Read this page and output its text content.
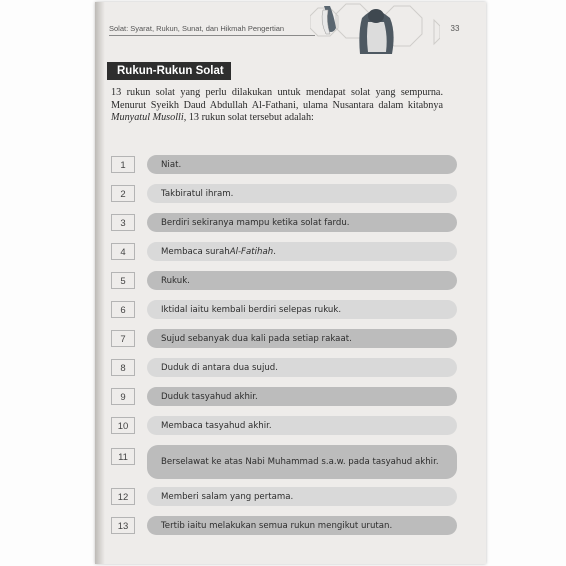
Solat: Syarat, Rukun, Sunat, dan Hikmah Pengertian	33
Rukun-Rukun Solat
13 rukun solat yang perlu dilakukan untuk mendapat solat yang sempurna. Menurut Syeikh Daud Abdullah Al-Fathani, ulama Nusantara dalam kitabnya Munyatul Musolli, 13 rukun solat tersebut adalah:
1	Niat.
2	Takbiratul ihram.
3	Berdiri sekiranya mampu ketika solat fardu.
4	Membaca surah Al-Fatihah .
5	Rukuk.
6	Iktidal iaitu kembali berdiri selepas rukuk.
7	Sujud sebanyak dua kali pada setiap rakaat.
8	Duduk di antara dua sujud.
9	Duduk tasyahud akhir.
10	Membaca tasyahud akhir.
11	Berselawat ke atas Nabi Muhammad s.a.w. pada tasyahud akhir.
12	Memberi salam yang pertama.
13	Tertib iaitu melakukan semua rukun mengikut urutan.
